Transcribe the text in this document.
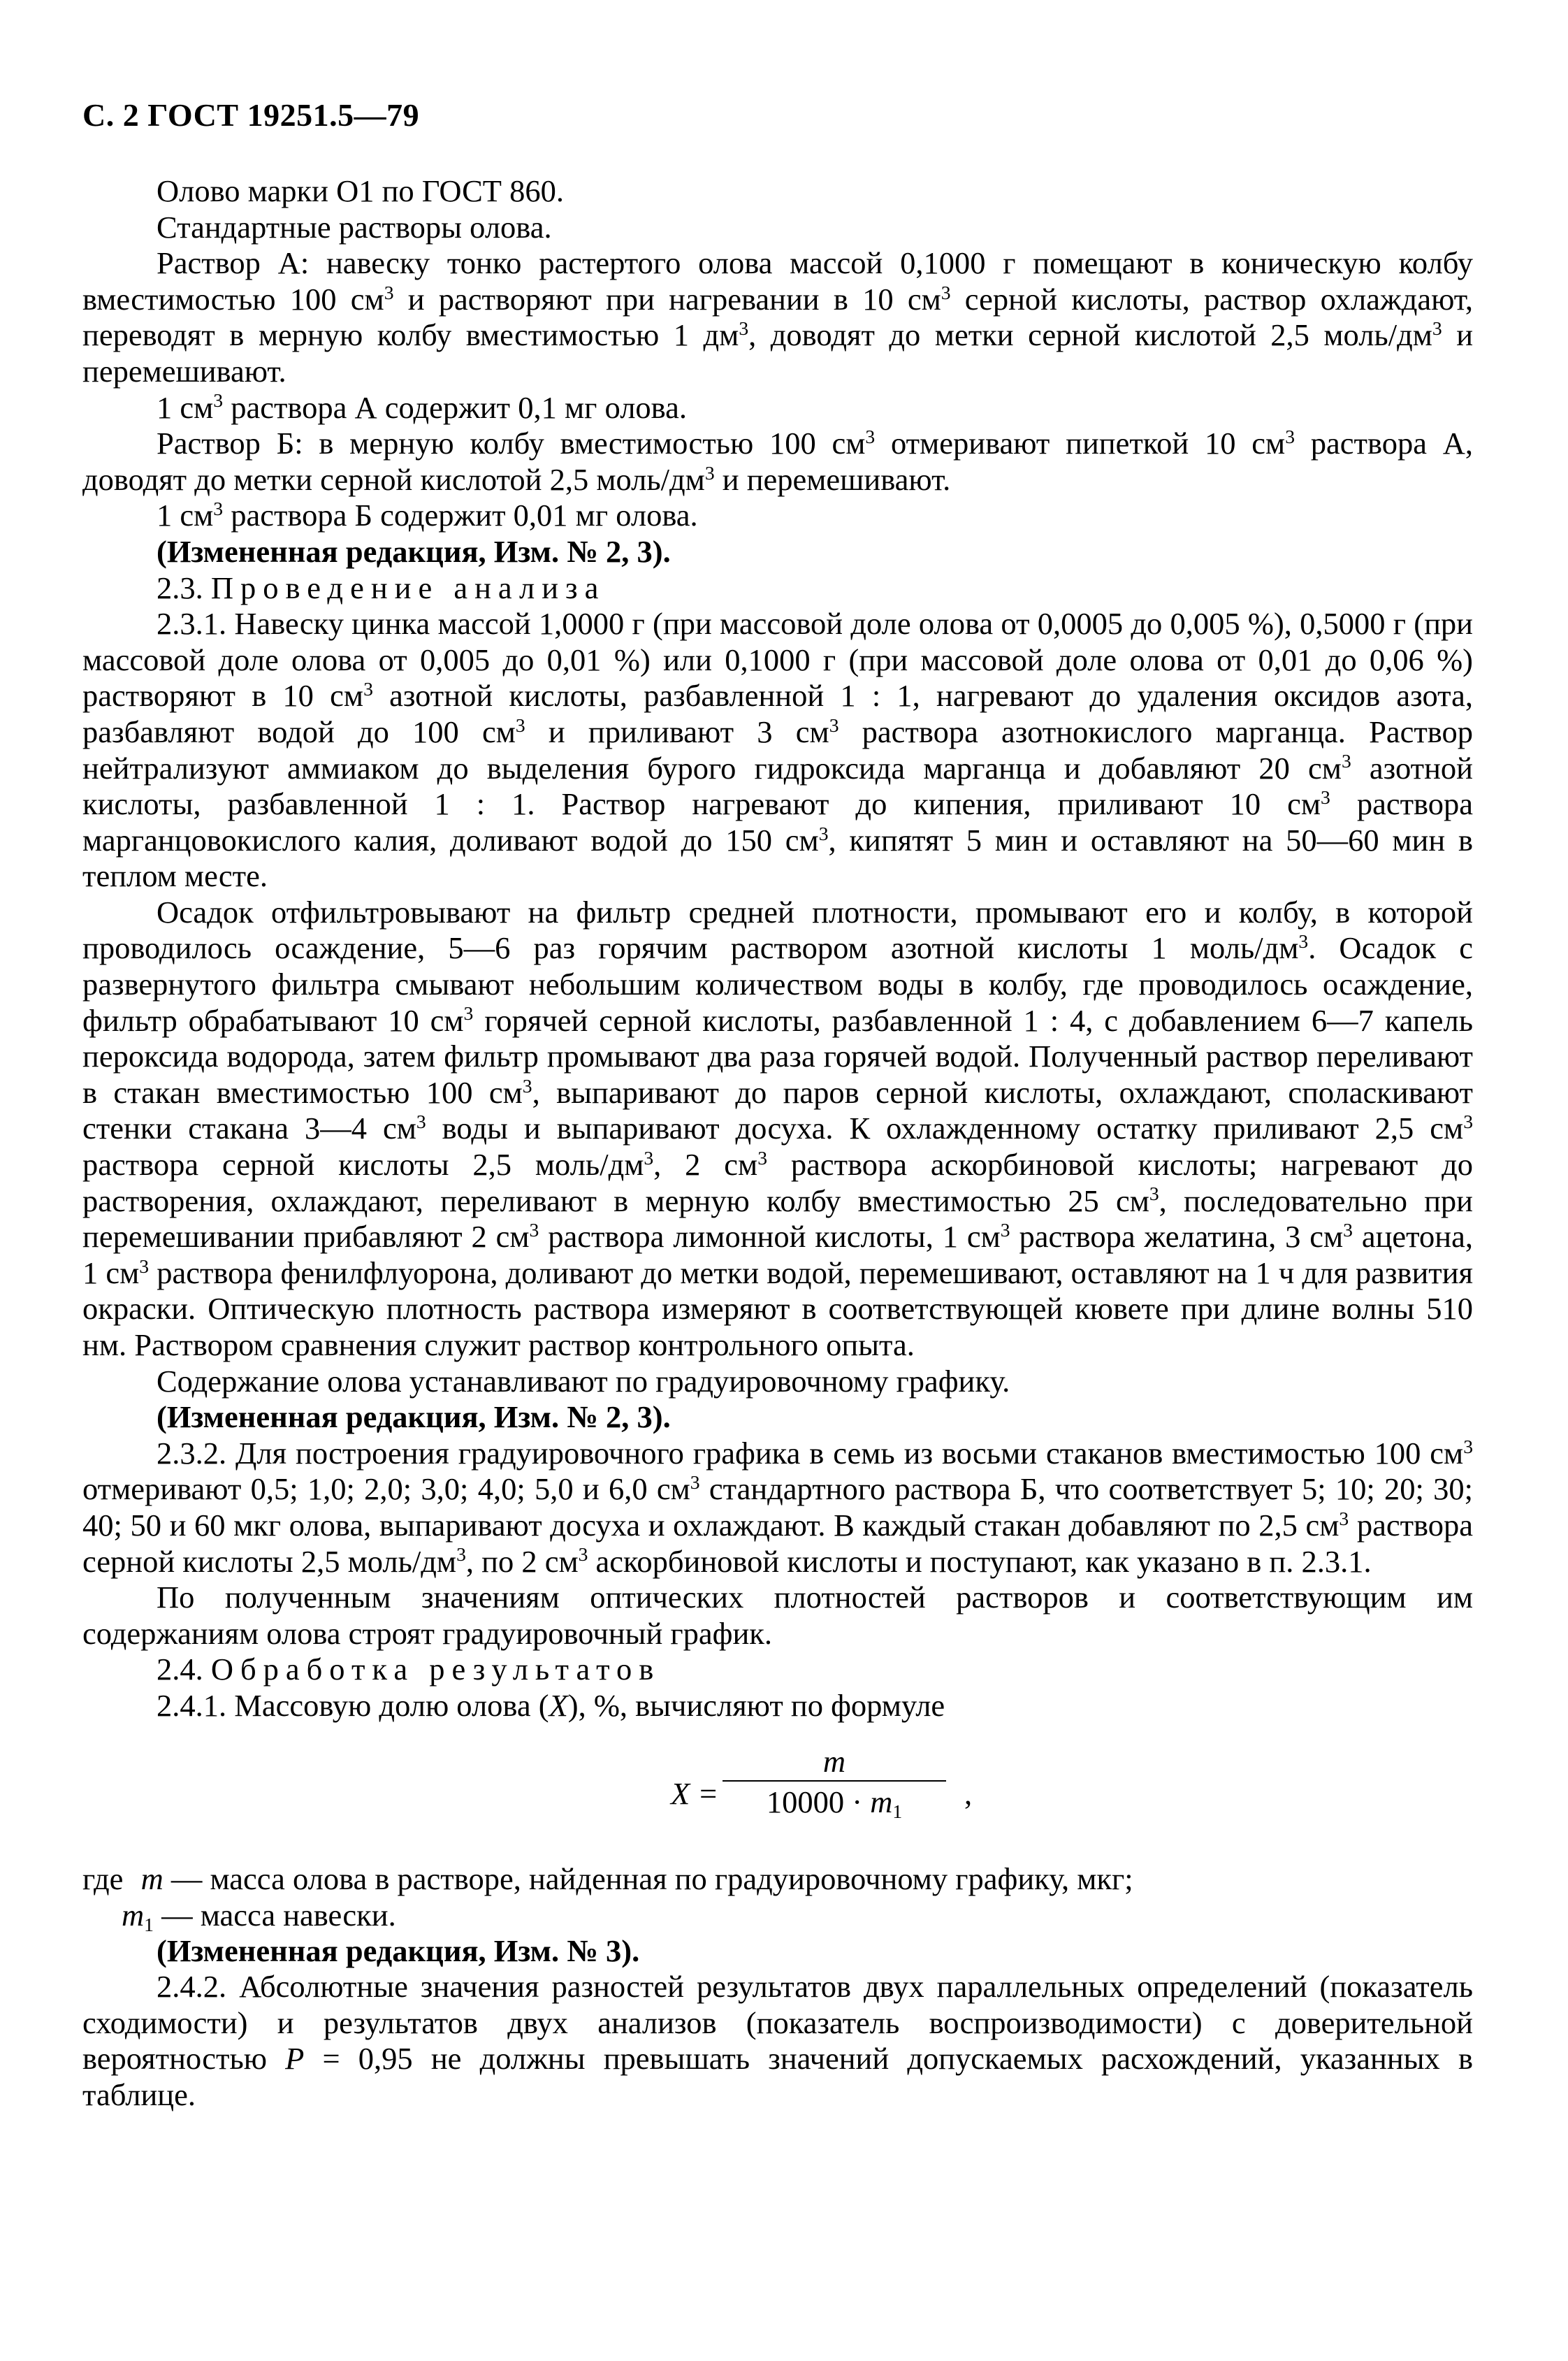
С. 2 ГОСТ 19251.5—79

Олово марки О1 по ГОСТ 860.

Стандартные растворы олова.

Раствор А: навеску тонко растертого олова массой 0,1000 г помещают в коническую колбу вместимостью 100 $см^3$ и растворяют при нагревании в 10 $см^3$ серной кислоты, раствор охлаждают, переводят в мерную колбу вместимостью 1 $дм^3$, доводят до метки серной кислотой 2,5 моль/$дм^3$ и перемешивают.

1 $см^3$ раствора А содержит 0,1 мг олова.

Раствор Б: в мерную колбу вместимостью 100 $см^3$ отмеривают пипеткой 10 $см^3$ раствора А, доводят до метки серной кислотой 2,5 моль/$дм^3$ и перемешивают.

1 $см^3$ раствора Б содержит 0,01 мг олова.

(Измененная редакция, Изм. № 2, 3).

2.3. Проведение анализа

2.3.1. Навеску цинка массой 1,0000 г (при массовой доле олова от 0,0005 до 0,005 %), 0,5000 г (при массовой доле олова от 0,005 до 0,01 %) или 0,1000 г (при массовой доле олова от 0,01 до 0,06 %) растворяют в 10 $см^3$ азотной кислоты, разбавленной 1 : 1, нагревают до удаления оксидов азота, разбавляют водой до 100 $см^3$ и приливают 3 $см^3$ раствора азотнокислого марганца. Раствор нейтрализуют аммиаком до выделения бурого гидроксида марганца и добавляют 20 $см^3$ азотной кислоты, разбавленной 1 : 1. Раствор нагревают до кипения, приливают 10 $см^3$ раствора марганцовокислого калия, доливают водой до 150 $см^3$, кипятят 5 мин и оставляют на 50—60 мин в теплом месте.

Осадок отфильтровывают на фильтр средней плотности, промывают его и колбу, в которой проводилось осаждение, 5—6 раз горячим раствором азотной кислоты 1 моль/$дм^3$. Осадок с развернутого фильтра смывают небольшим количеством воды в колбу, где проводилось осаждение, фильтр обрабатывают 10 $см^3$ горячей серной кислоты, разбавленной 1 : 4, с добавлением 6—7 капель пероксида водорода, затем фильтр промывают два раза горячей водой. Полученный раствор переливают в стакан вместимостью 100 $см^3$, выпаривают до паров серной кислоты, охлаждают, споласкивают стенки стакана 3—4 $см^3$ воды и выпаривают досуха. К охлажденному остатку приливают 2,5 $см^3$ раствора серной кислоты 2,5 моль/$дм^3$, 2 $см^3$ раствора аскорбиновой кислоты; нагревают до растворения, охлаждают, переливают в мерную колбу вместимостью 25 $см^3$, последовательно при перемешивании прибавляют 2 $см^3$ раствора лимонной кислоты, 1 $см^3$ раствора желатина, 3 $см^3$ ацетона, 1 $см^3$ раствора фенилфлуорона, доливают до метки водой, перемешивают, оставляют на 1 ч для развития окраски. Оптическую плотность раствора измеряют в соответствующей кювете при длине волны 510 нм. Раствором сравнения служит раствор контрольного опыта.

Содержание олова устанавливают по градуировочному графику.

(Измененная редакция, Изм. № 2, 3).

2.3.2. Для построения градуировочного графика в семь из восьми стаканов вместимостью 100 $см^3$ отмеривают 0,5; 1,0; 2,0; 3,0; 4,0; 5,0 и 6,0 $см^3$ стандартного раствора Б, что соответствует 5; 10; 20; 30; 40; 50 и 60 мкг олова, выпаривают досуха и охлаждают. В каждый стакан добавляют по 2,5 $см^3$ раствора серной кислоты 2,5 моль/$дм^3$, по 2 $см^3$ аскорбиновой кислоты и поступают, как указано в п. 2.3.1.

По полученным значениям оптических плотностей растворов и соответствующим им содержаниям олова строят градуировочный график.

2.4. Обработка результатов

2.4.1. Массовую долю олова (X), %, вычисляют по формуле

X =
m
$10000 \cdot m_1$
,
где m — масса олова в растворе, найденная по градуировочному графику, мкг;
$m_1$ — масса навески.

(Измененная редакция, Изм. № 3).

2.4.2. Абсолютные значения разностей результатов двух параллельных определений (показатель сходимости) и результатов двух анализов (показатель воспроизводимости) с доверительной вероятностью P = 0,95 не должны превышать значений допускаемых расхождений, указанных в таблице.
